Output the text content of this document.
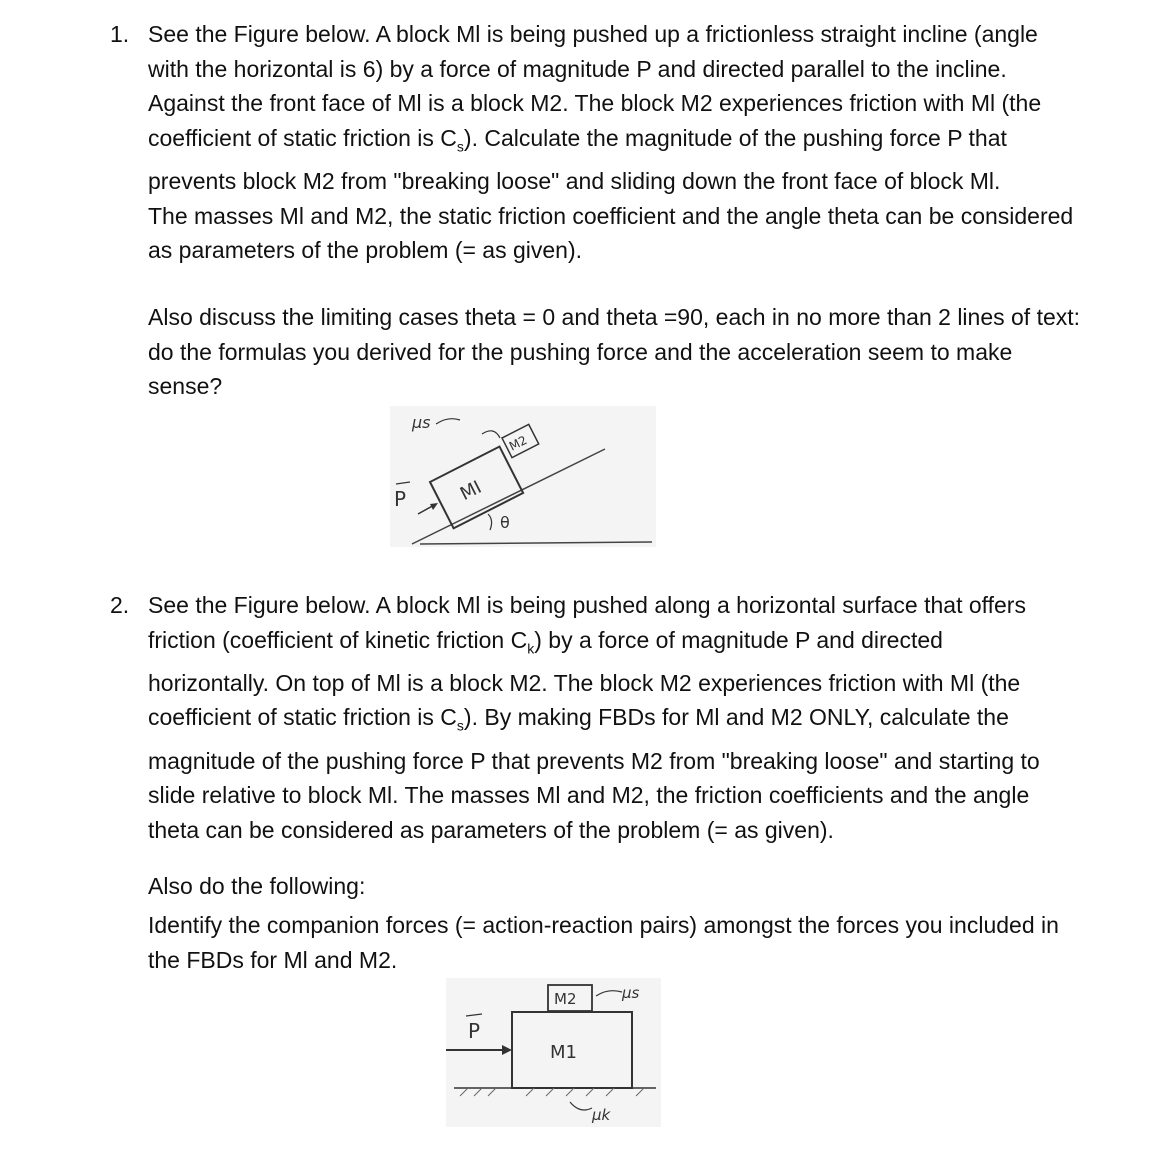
1. See the Figure below. A block Ml is being pushed up a frictionless straight incline (angle
with the horizontal is 6) by a force of magnitude P and directed parallel to the incline.
Against the front face of Ml is a block M2. The block M2 experiences friction with Ml (the
coefficient of static friction is $C_s$). Calculate the magnitude of the pushing force P that
prevents block M2 from "breaking loose" and sliding down the front face of block Ml.
The masses Ml and M2, the static friction coefficient and the angle theta can be considered
as parameters of the problem (= as given).
Also discuss the limiting cases theta = 0 and theta =90, each in no more than 2 lines of text:
do the formulas you derived for the pushing force and the acceleration seem to make
sense?
MI
M2
P
μs
θ
2. See the Figure below. A block Ml is being pushed along a horizontal surface that offers
friction (coefficient of kinetic friction $C_k$) by a force of magnitude P and directed
horizontally. On top of Ml is a block M2. The block M2 experiences friction with Ml (the
coefficient of static friction is $C_s$). By making FBDs for Ml and M2 ONLY, calculate the
magnitude of the pushing force P that prevents M2 from "breaking loose" and starting to
slide relative to block Ml. The masses Ml and M2, the friction coefficients and the angle
theta can be considered as parameters of the problem (= as given).
Also do the following:
Identify the companion forces (= action-reaction pairs) amongst the forces you included in
the FBDs for Ml and M2.
M1
M2
P
μs
μk
